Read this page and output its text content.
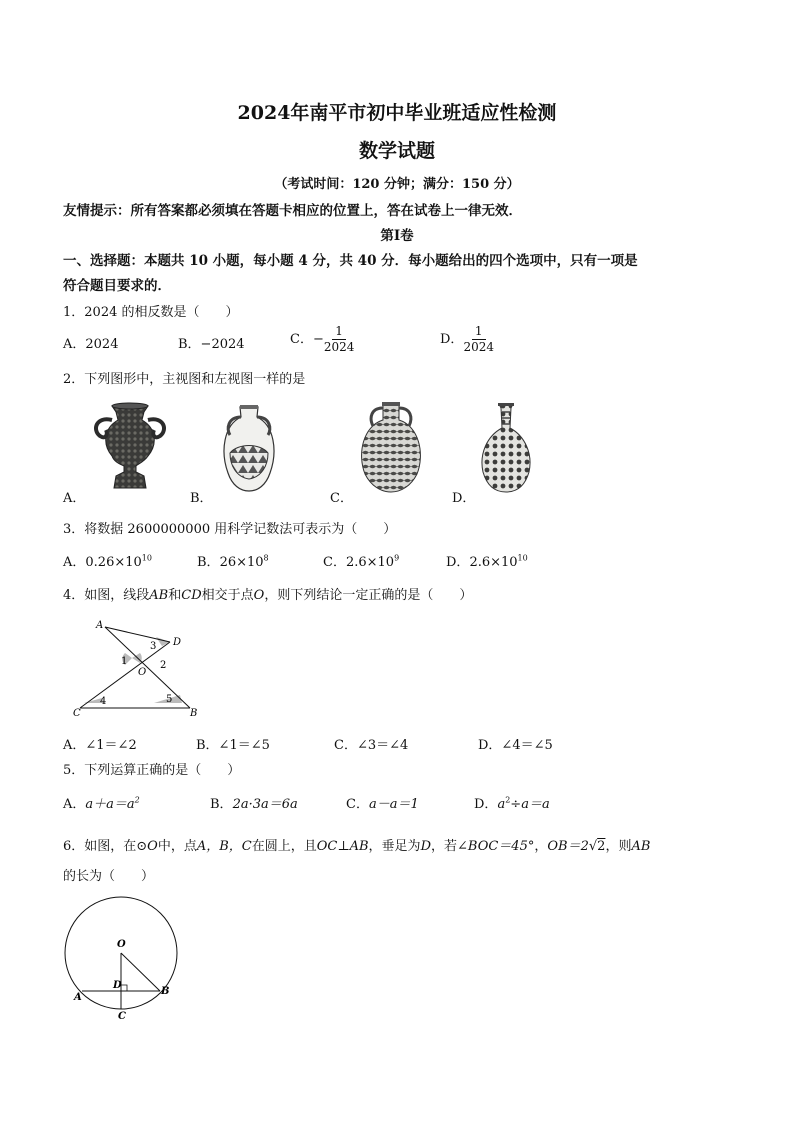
2024年南平市初中毕业班适应性检测
数学试题
（考试时间：120 分钟；满分：150 分）
友情提示：所有答案都必须填在答题卡相应的位置上，答在试卷上一律无效．
第Ⅰ卷
一、选择题：本题共 10 小题，每小题 4 分，共 40 分．每小题给出的四个选项中，只有一项是
符合题目要求的．
1．2024 的相反数是（　　）
A．2024	B．−2024	C．− $\frac{1}{2024}$	D． $\frac{1}{2024}$
2．下列图形中，主视图和左视图一样的是
A．	B．	C．	D．
3．将数据 2600000000 用科学记数法可表示为（　　）
A．$0.26\times 10^{10}$	B．$26\times 10^8$	C．$2.6\times 10^9$	D．$2.6\times 10^{10}$
4．如图，线段AB和CD相交于点O，则下列结论一定正确的是（　　）
A
D
O
C	B
1	2
3
4	5
A．∠1＝∠2	B．∠1＝∠5	C．∠3＝∠4	D．∠4＝∠5
5．下列运算正确的是（　　）
A．$a+a=a^2$	B．2a·3a＝6a	C．a－a＝1	D．$a^2\div a=a$
6．如图，在⊙O中，点A，B，C在圆上，且OC⊥AB，垂足为D，若∠BOC＝45°，OB＝2√2，则AB
的长为（　　）
O
D
A
B
C
